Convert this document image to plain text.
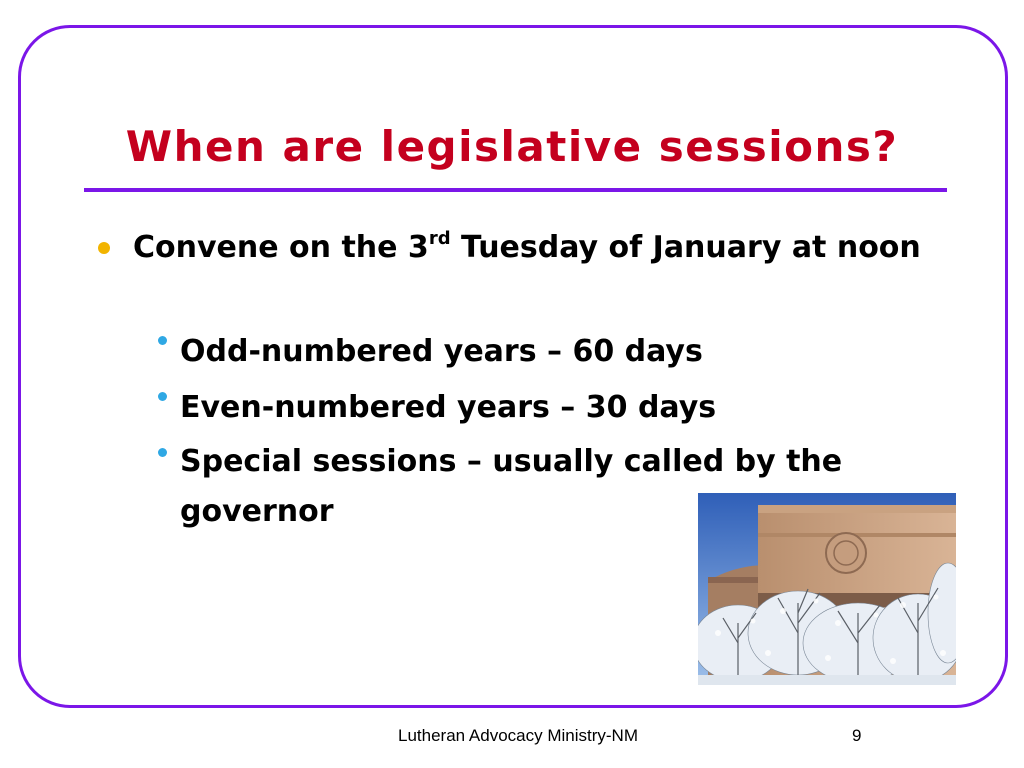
When are legislative sessions?
Convene on the 3rd Tuesday of January at noon
Odd-numbered years – 60 days
Even-numbered years – 30 days
Special sessions – usually called by the governor
Lutheran Advocacy Ministry-NM	9
